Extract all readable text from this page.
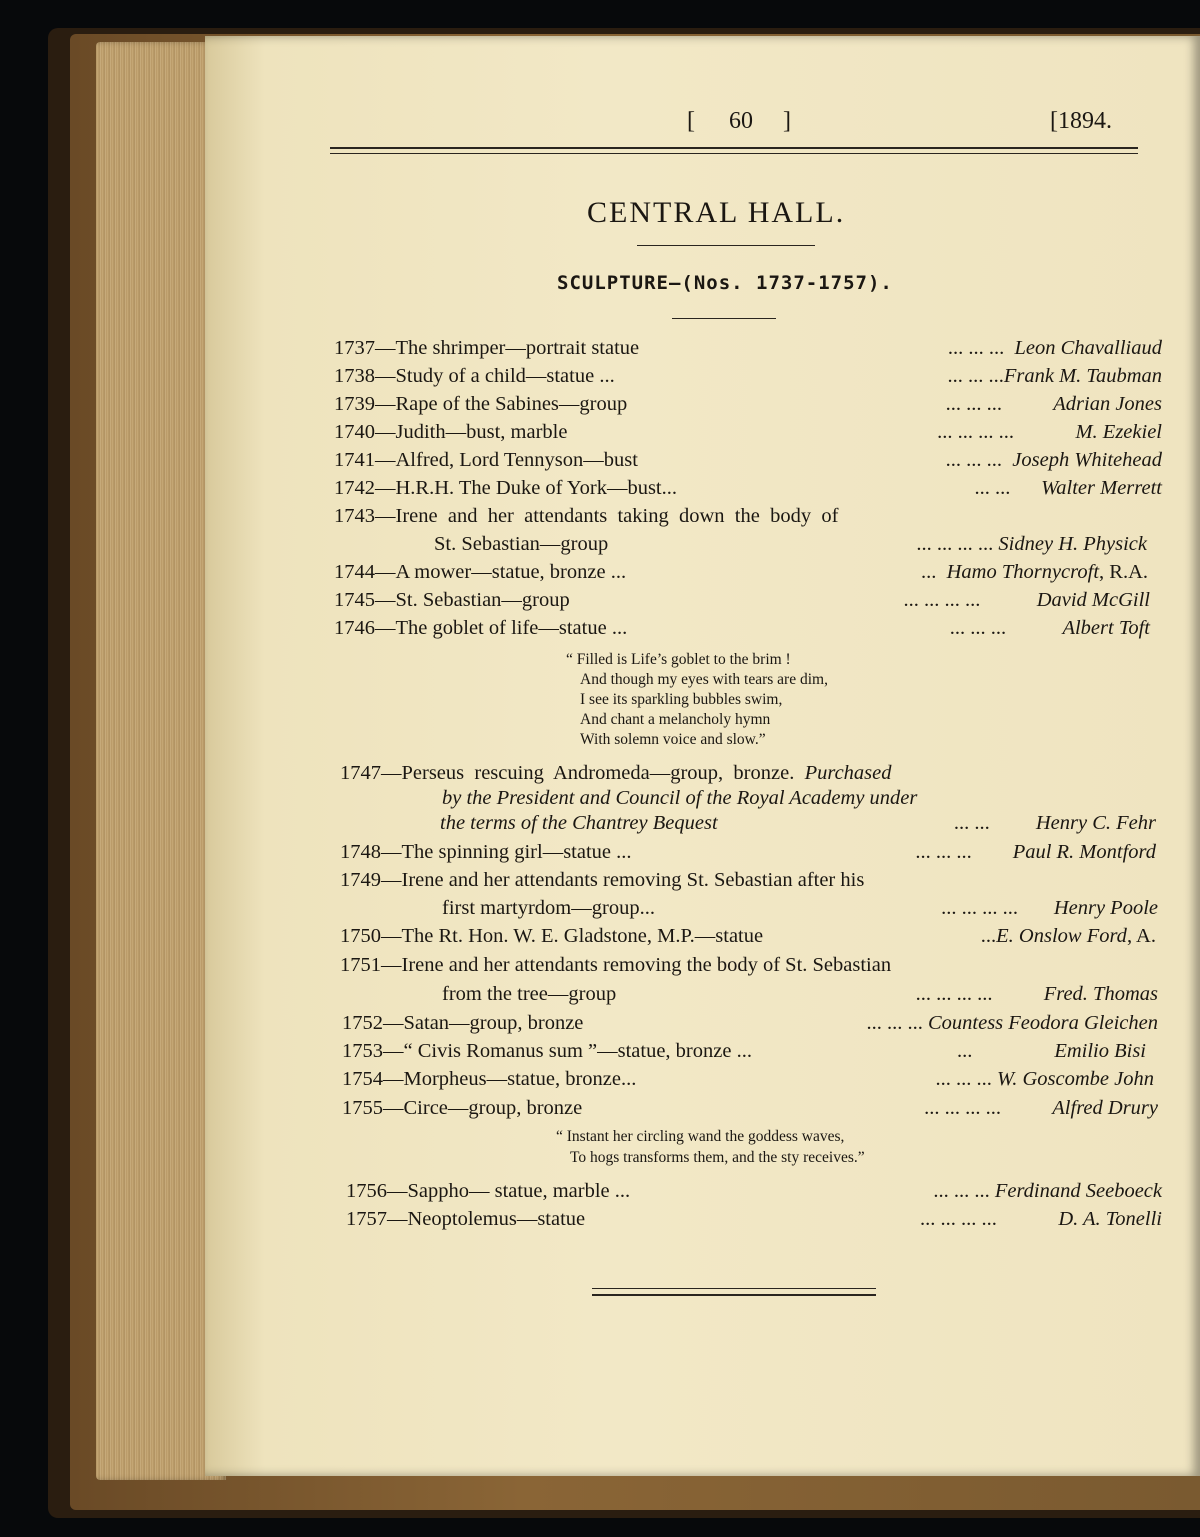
[ 60 ]	[1894.
CENTRAL HALL.
SCULPTURE—(Nos. 1737-1757).
1737—The shrimper—portrait statue	... ... ... Leon Chavalliaud
1738—Study of a child—statue ...	... ... ...Frank M. Taubman
1739—Rape of the Sabines—group	... ... ...	Adrian Jones
1740—Judith—bust, marble	... ... ... ...	M. Ezekiel
1741—Alfred, Lord Tennyson—bust	... ... ... Joseph Whitehead
1742—H.R.H. The Duke of York—bust...	... ... Walter Merrett
1743—Irene  and  her  attendants  taking  down  the  body  of
St. Sebastian—group	... ... ... ... Sidney H. Physick
1744—A mower—statue, bronze ...	... Hamo Thornycroft, R.A.
1745—St. Sebastian—group	... ... ... ...	David McGill
1746—The goblet of life—statue ...	... ... ...	Albert Toft
“ Filled is Life’s goblet to the brim !
And though my eyes with tears are dim,
I see its sparkling bubbles swim,
And chant a melancholy hymn
With solemn voice and slow.”
1747—Perseus  rescuing  Andromeda—group,  bronze. Purchased
by the President and Council of the Royal Academy under
the terms of the Chantrey Bequest	... ... Henry C. Fehr
1748—The spinning girl—statue ...	... ... ... Paul R. Montford
1749—Irene and her attendants removing St. Sebastian after his
first martyrdom—group...	... ... ... ... Henry Poole
1750—The Rt. Hon. W. E. Gladstone, M.P.—statue	...E. Onslow Ford, A.
1751—Irene and her attendants removing the body of St. Sebastian
from the tree—group	... ... ... ...	Fred. Thomas
1752—Satan—group, bronze	... ... ... Countess Feodora Gleichen
1753—“ Civis Romanus sum ”—statue, bronze ...	...	Emilio Bisi
1754—Morpheus—statue, bronze...	... ... ... W. Goscombe John
1755—Circe—group, bronze	... ... ... ...	Alfred Drury
“ Instant her circling wand the goddess waves,
To hogs transforms them, and the sty receives.”
1756—Sappho— statue, marble ...	... ... ... Ferdinand Seeboeck
1757—Neoptolemus—statue	... ... ... ...	D. A. Tonelli
